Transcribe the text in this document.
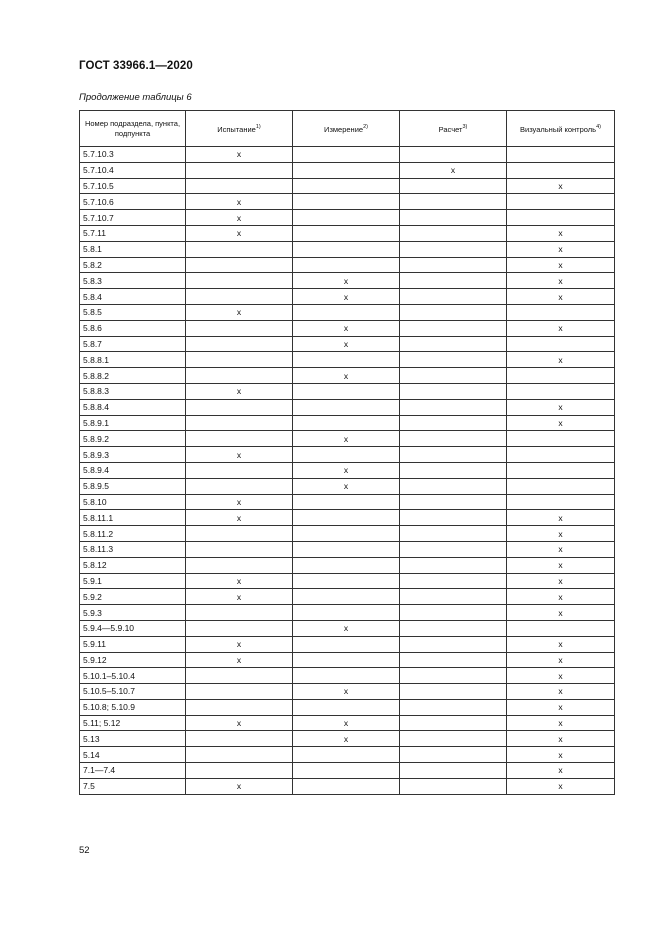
ГОСТ 33966.1—2020
Продолжение таблицы 6
Номер подраздела, пункта, подпункта	Испытание$^{1)}$	Измерение$^{2)}$	Расчет$^{3)}$	Визуальный контроль$^{4)}$
5.7.10.3	x			
5.7.10.4			x	
5.7.10.5				x
5.7.10.6	x			
5.7.10.7	x			
5.7.11	x			x
5.8.1				x
5.8.2				x
5.8.3		x		x
5.8.4		x		x
5.8.5	x			
5.8.6		x		x
5.8.7		x		
5.8.8.1				x
5.8.8.2		x		
5.8.8.3	x			
5.8.8.4				x
5.8.9.1				x
5.8.9.2		x		
5.8.9.3	x			
5.8.9.4		x		
5.8.9.5		x		
5.8.10	x			
5.8.11.1	x			x
5.8.11.2				x
5.8.11.3				x
5.8.12				x
5.9.1	x			x
5.9.2	x			x
5.9.3				x
5.9.4—5.9.10		x		
5.9.11	x			x
5.9.12	x			x
5.10.1–5.10.4				x
5.10.5–5.10.7		x		x
5.10.8; 5.10.9				x
5.11; 5.12	x	x		x
5.13		x		x
5.14				x
7.1—7.4				x
7.5	x			x
52
